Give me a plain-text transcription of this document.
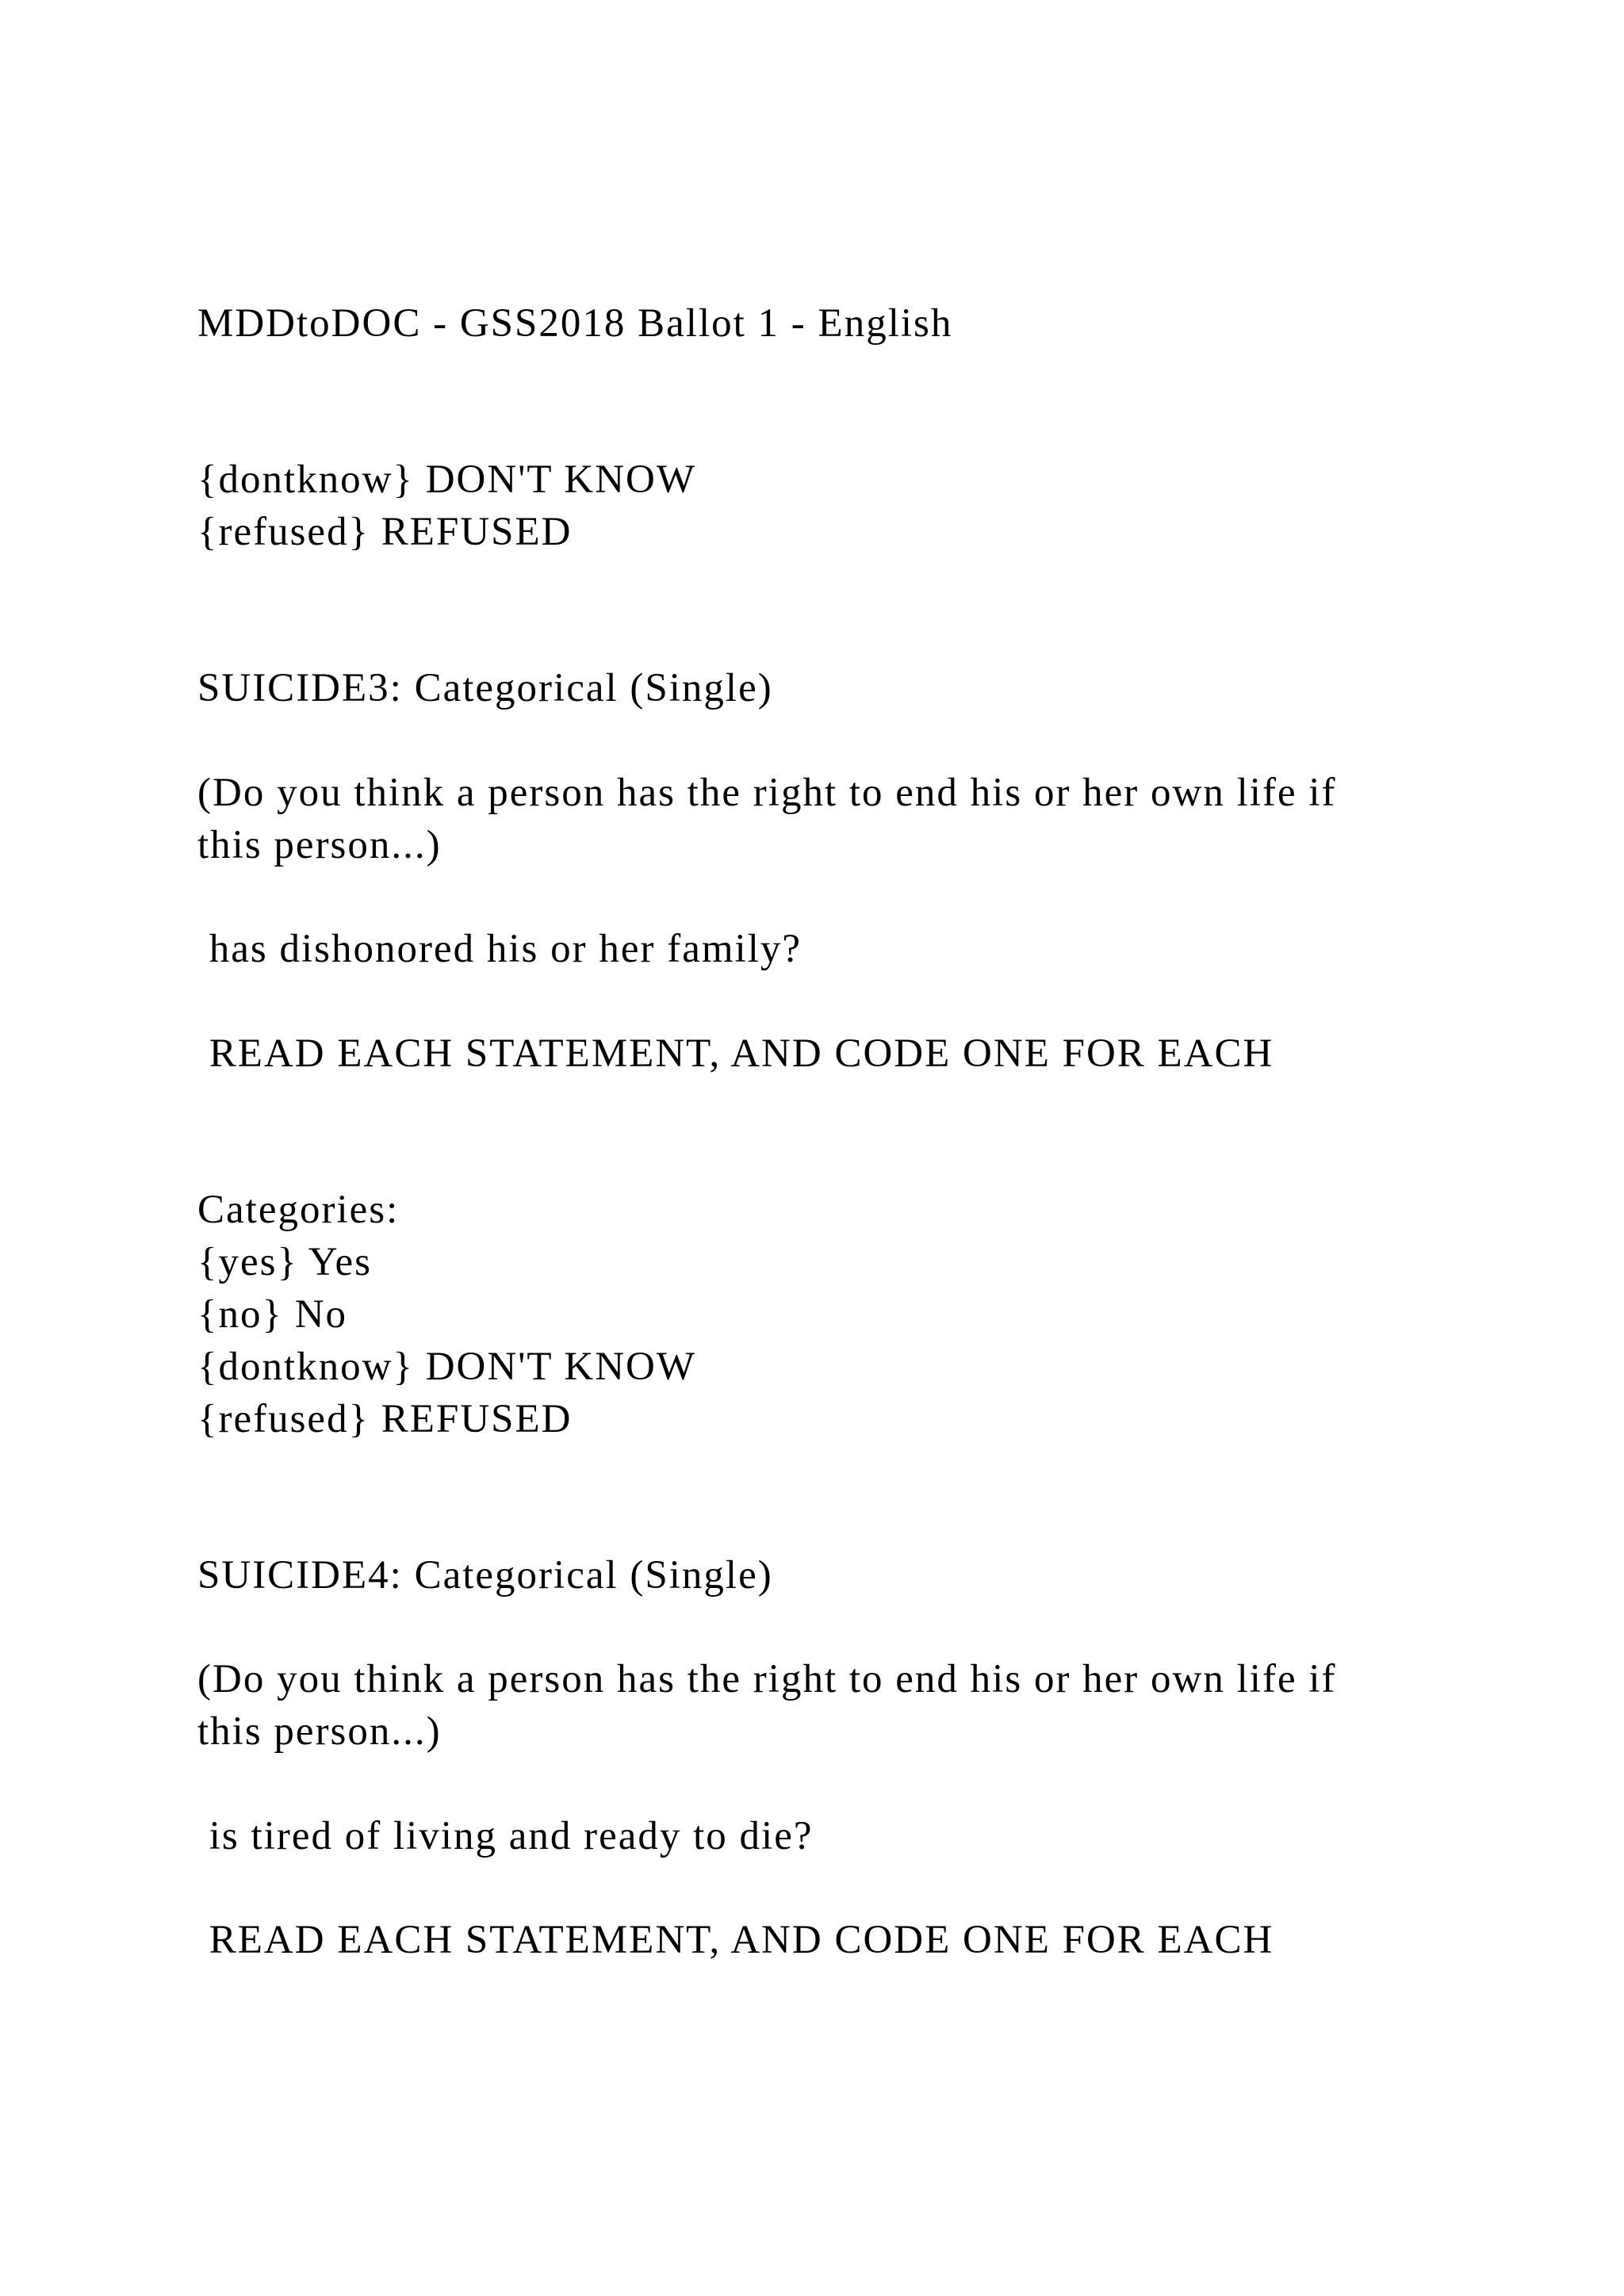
MDDtoDOC - GSS2018 Ballot 1 - English
{dontknow} DON'T KNOW
{refused} REFUSED
SUICIDE3: Categorical (Single)
(Do you think a person has the right to end his or her own life if
this person...)
has dishonored his or her family?
READ EACH STATEMENT, AND CODE ONE FOR EACH
Categories:
{yes} Yes
{no} No
{dontknow} DON'T KNOW
{refused} REFUSED
SUICIDE4: Categorical (Single)
(Do you think a person has the right to end his or her own life if
this person...)
is tired of living and ready to die?
READ EACH STATEMENT, AND CODE ONE FOR EACH
